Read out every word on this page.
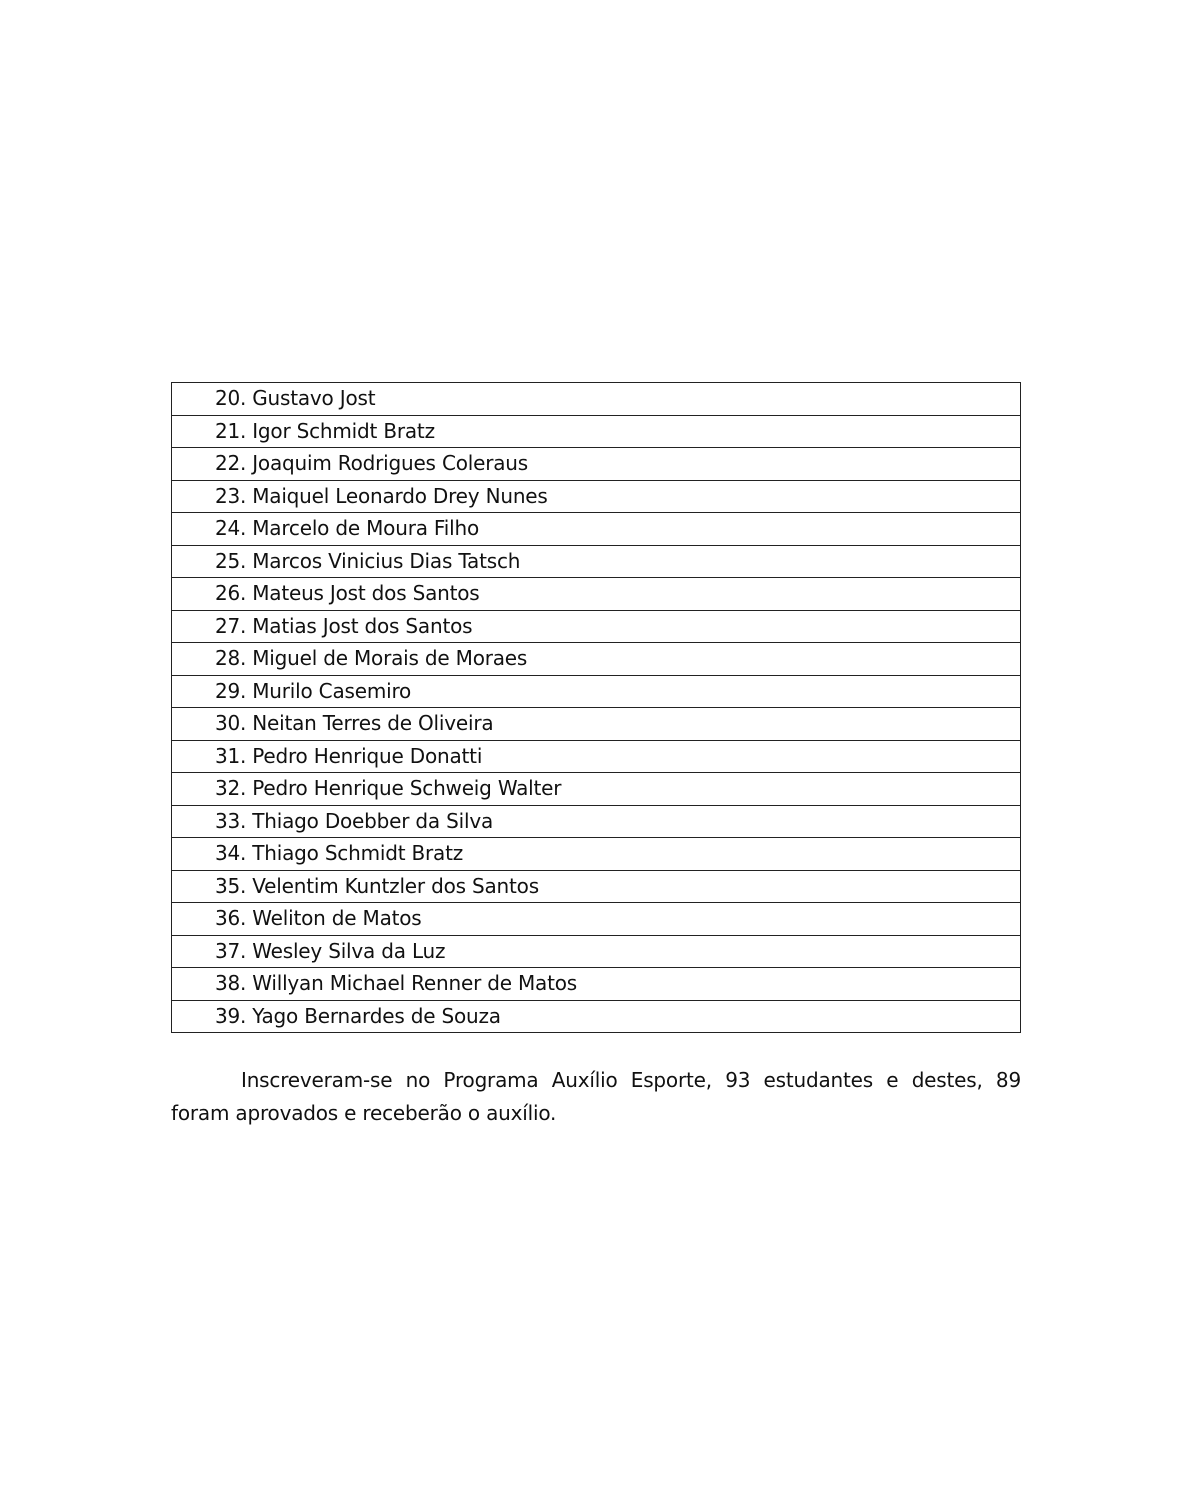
20. Gustavo Jost
21. Igor Schmidt Bratz
22. Joaquim Rodrigues Coleraus
23. Maiquel Leonardo Drey Nunes
24. Marcelo de Moura Filho
25. Marcos Vinicius Dias Tatsch
26. Mateus Jost dos Santos
27. Matias Jost dos Santos
28. Miguel de Morais de Moraes
29. Murilo Casemiro
30. Neitan Terres de Oliveira
31. Pedro Henrique Donatti
32. Pedro Henrique Schweig Walter
33. Thiago Doebber da Silva
34. Thiago Schmidt Bratz
35. Velentim Kuntzler dos Santos
36. Weliton de Matos
37. Wesley Silva da Luz
38. Willyan Michael Renner de Matos
39. Yago Bernardes de Souza

Inscreveram-se no Programa Auxílio Esporte, 93 estudantes e destes, 89 foram aprovados e receberão o auxílio.
